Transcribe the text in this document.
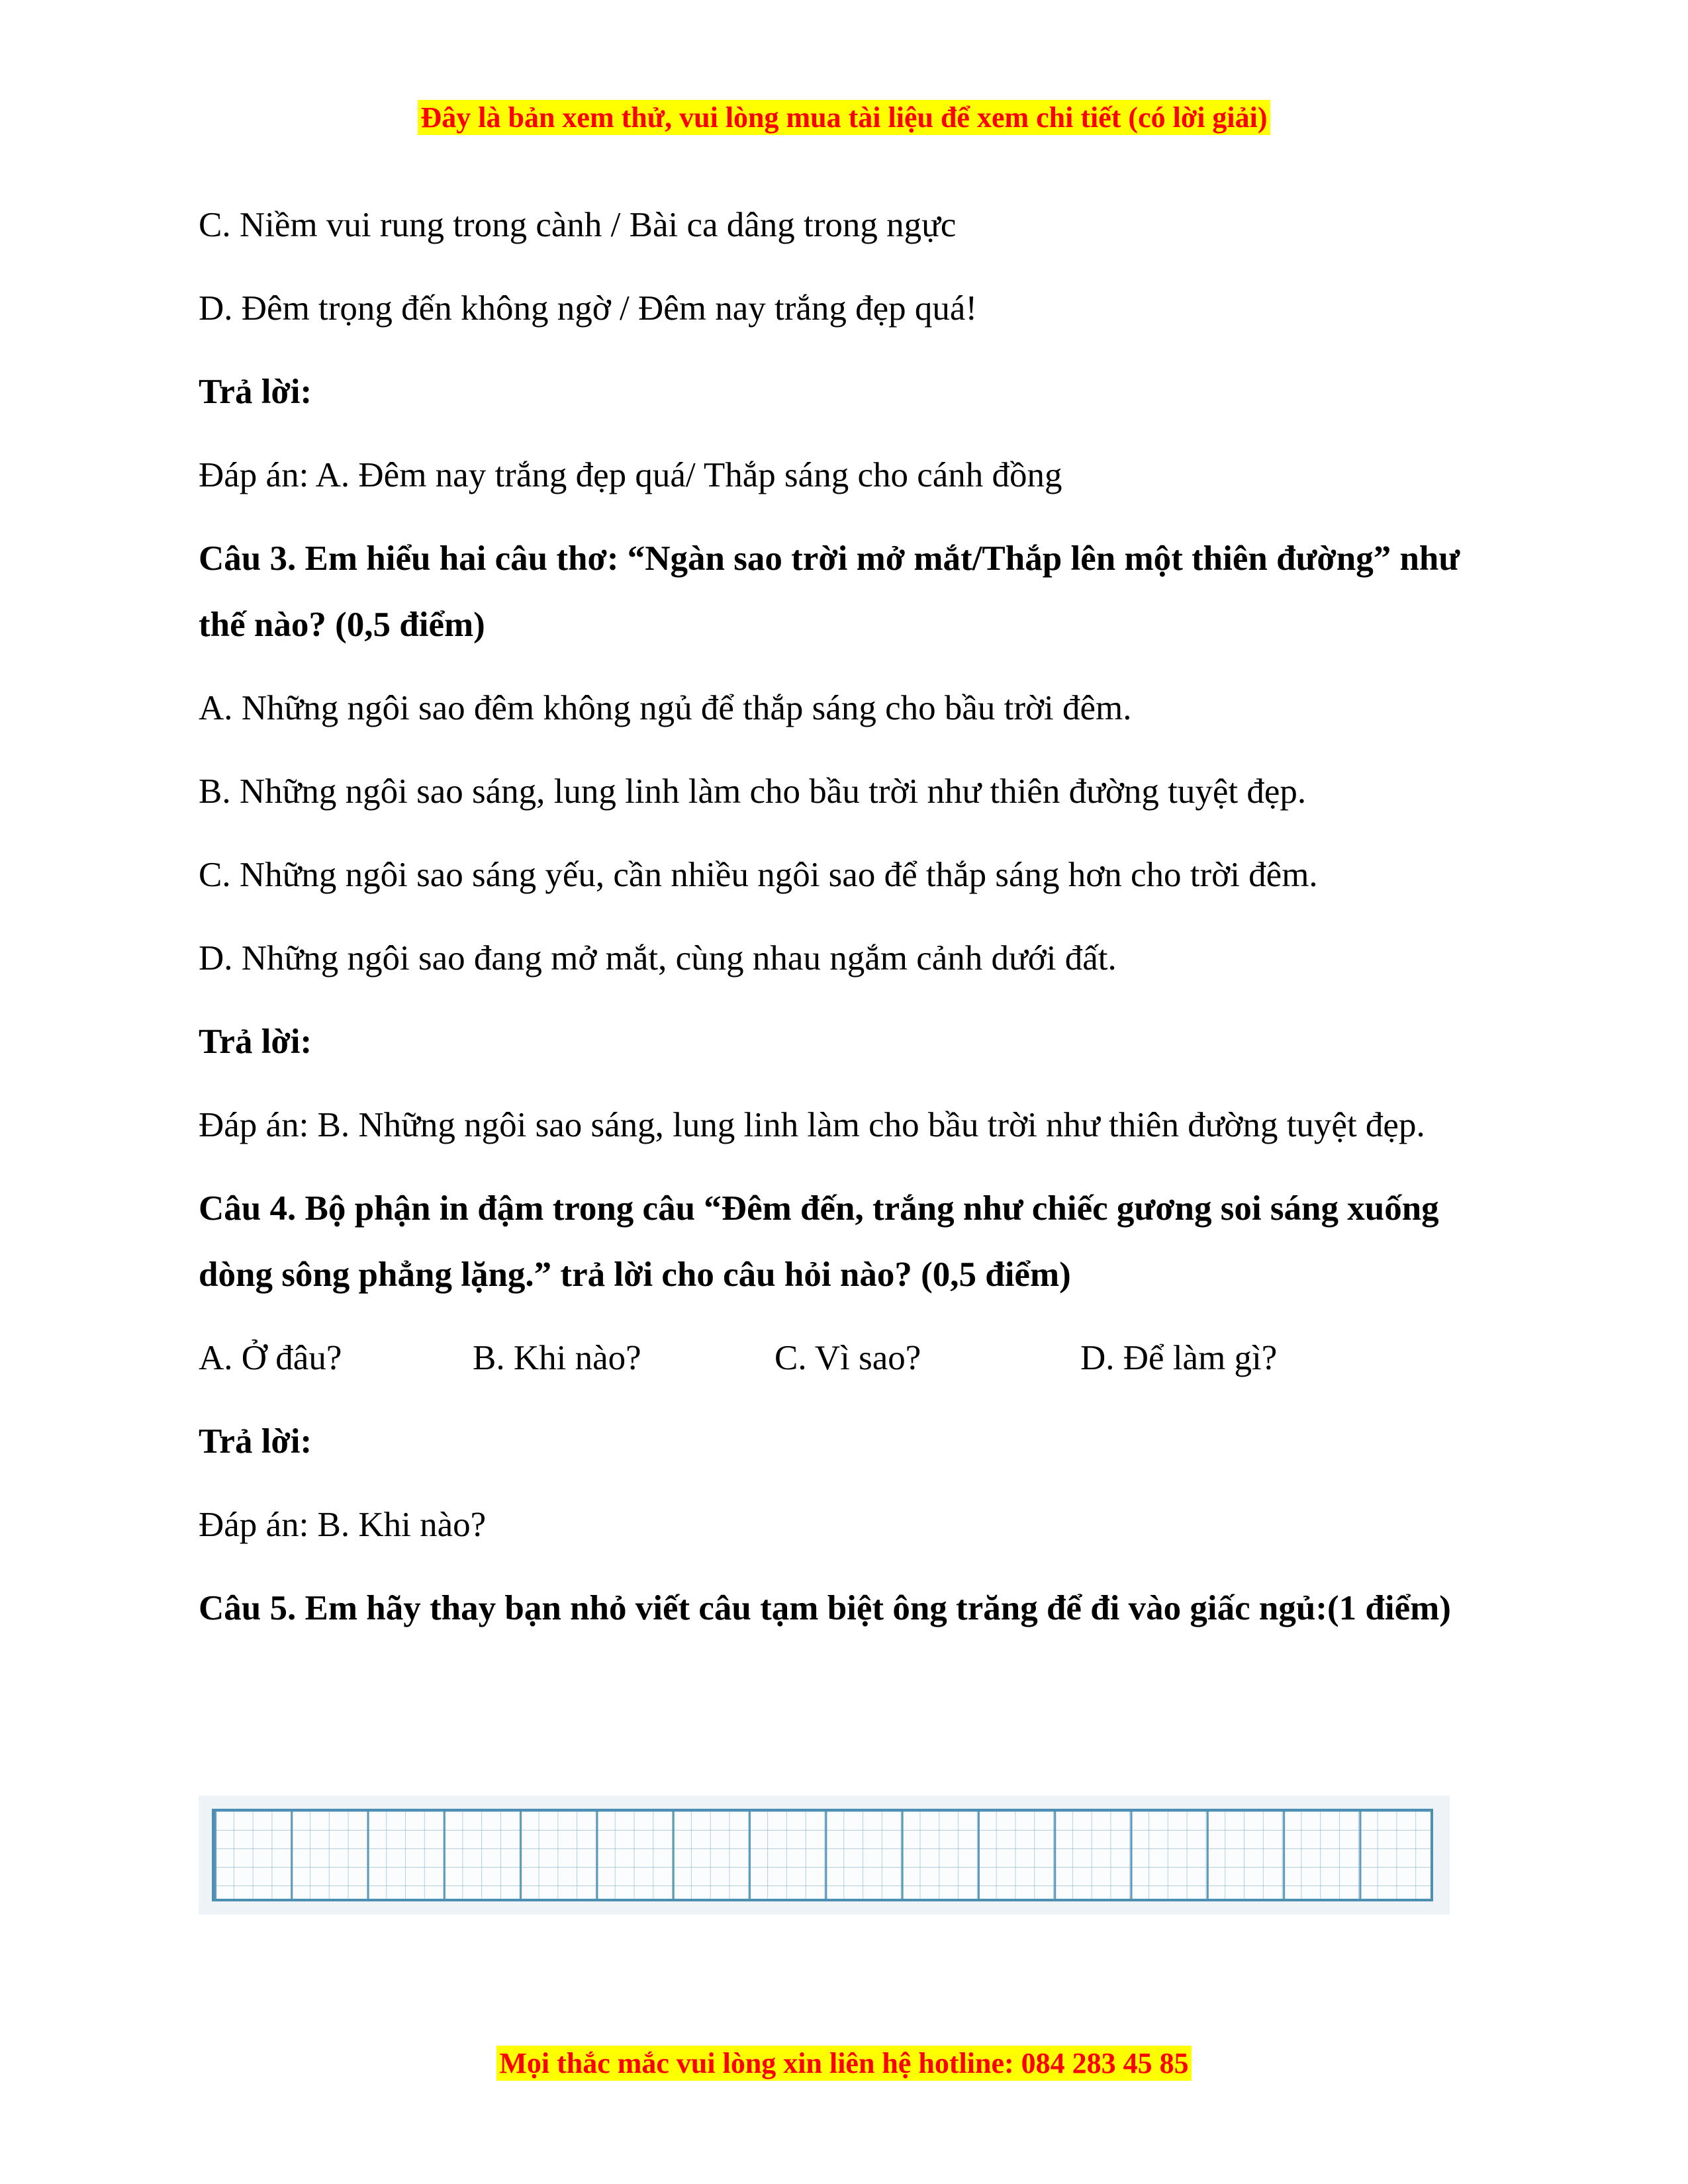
Đây là bản xem thử, vui lòng mua tài liệu để xem chi tiết (có lời giải)

C. Niềm vui rung trong cành / Bài ca dâng trong ngực

D. Đêm trọng đến không ngờ / Đêm nay trắng đẹp quá!

Trả lời:

Đáp án: A. Đêm nay trắng đẹp quá/ Thắp sáng cho cánh đồng

Câu 3. Em hiểu hai câu thơ: “Ngàn sao trời mở mắt/Thắp lên một thiên đường” như thế nào? (0,5 điểm)

A. Những ngôi sao đêm không ngủ để thắp sáng cho bầu trời đêm.

B. Những ngôi sao sáng, lung linh làm cho bầu trời như thiên đường tuyệt đẹp.

C. Những ngôi sao sáng yếu, cần nhiều ngôi sao để thắp sáng hơn cho trời đêm.

D. Những ngôi sao đang mở mắt, cùng nhau ngắm cảnh dưới đất.

Trả lời:

Đáp án: B. Những ngôi sao sáng, lung linh làm cho bầu trời như thiên đường tuyệt đẹp.

Câu 4. Bộ phận in đậm trong câu “Đêm đến, trắng như chiếc gương soi sáng xuống dòng sông phẳng lặng.” trả lời cho câu hỏi nào? (0,5 điểm)

A. Ở đâu?	B. Khi nào?	C. Vì sao?	D. Để làm gì?

Trả lời:

Đáp án: B. Khi nào?

Câu 5. Em hãy thay bạn nhỏ viết câu tạm biệt ông trăng để đi vào giấc ngủ:(1 điểm)

Mọi thắc mắc vui lòng xin liên hệ hotline: 084 283 45 85
